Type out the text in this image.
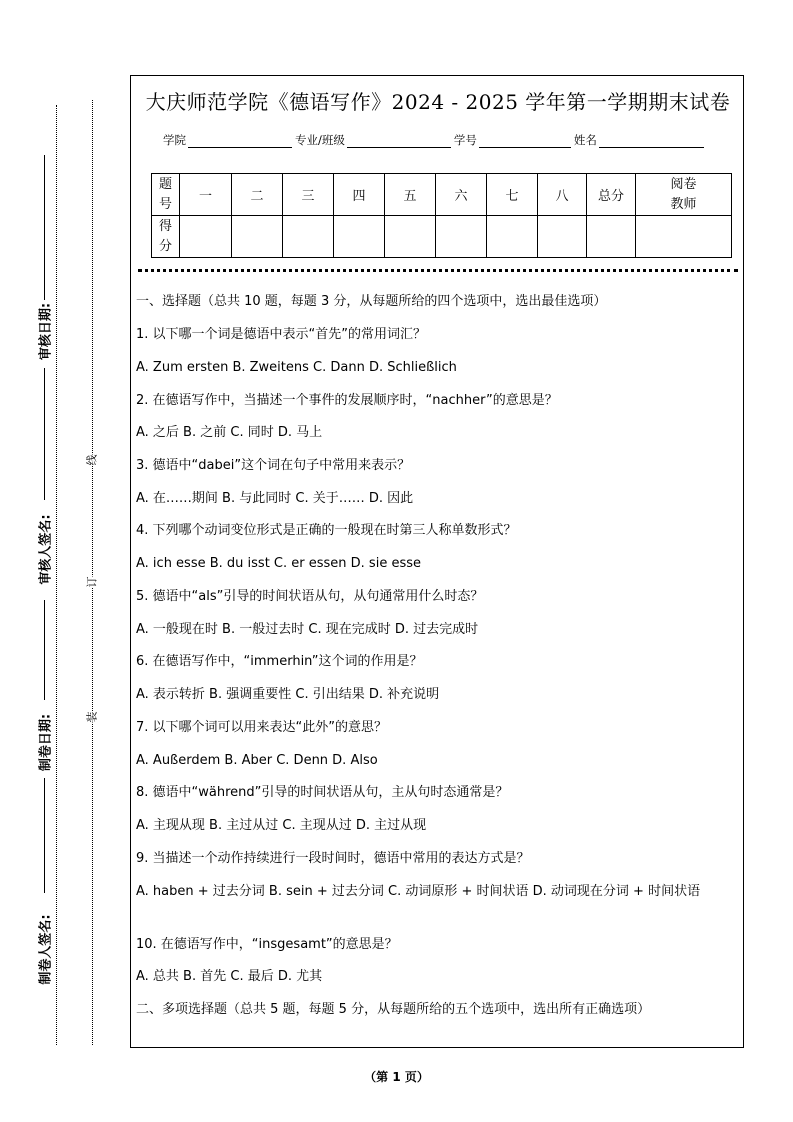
审核日期:
审核人签名:
制卷日期:
制卷人签名:
线
订
装
大庆师范学院《德语写作》2024 - 2025 学年第一学期期末试卷
学院	专业/班级	学号	姓名
题号	一	二	三	四	五	六	七	八	总分	阅卷教师

得分										

一、选择题（总共 10 题，每题 3 分，从每题所给的四个选项中，选出最佳选项）
1. 以下哪一个词是德语中表示“首先”的常用词汇？
A. Zum ersten B. Zweitens C. Dann D. Schließlich
2. 在德语写作中，当描述一个事件的发展顺序时，“nachher”的意思是？
A. 之后 B. 之前 C. 同时 D. 马上
3. 德语中“dabei”这个词在句子中常用来表示？
A. 在……期间 B. 与此同时 C. 关于…… D. 因此
4. 下列哪个动词变位形式是正确的一般现在时第三人称单数形式？
A. ich esse B. du isst C. er essen D. sie esse
5. 德语中“als”引导的时间状语从句，从句通常用什么时态？
A. 一般现在时 B. 一般过去时 C. 现在完成时 D. 过去完成时
6. 在德语写作中，“immerhin”这个词的作用是？
A. 表示转折 B. 强调重要性 C. 引出结果 D. 补充说明
7. 以下哪个词可以用来表达“此外”的意思？
A. Außerdem B. Aber C. Denn D. Also
8. 德语中“während”引导的时间状语从句，主从句时态通常是？
A. 主现从现 B. 主过从过 C. 主现从过 D. 主过从现
9. 当描述一个动作持续进行一段时间时，德语中常用的表达方式是？
A. haben + 过去分词 B. sein + 过去分词 C. 动词原形 + 时间状语 D. 动词现在分词 + 时间状语
10. 在德语写作中，“insgesamt”的意思是？
A. 总共 B. 首先 C. 最后 D. 尤其
二、多项选择题（总共 5 题，每题 5 分，从每题所给的五个选项中，选出所有正确选项）
（第 1 页）
